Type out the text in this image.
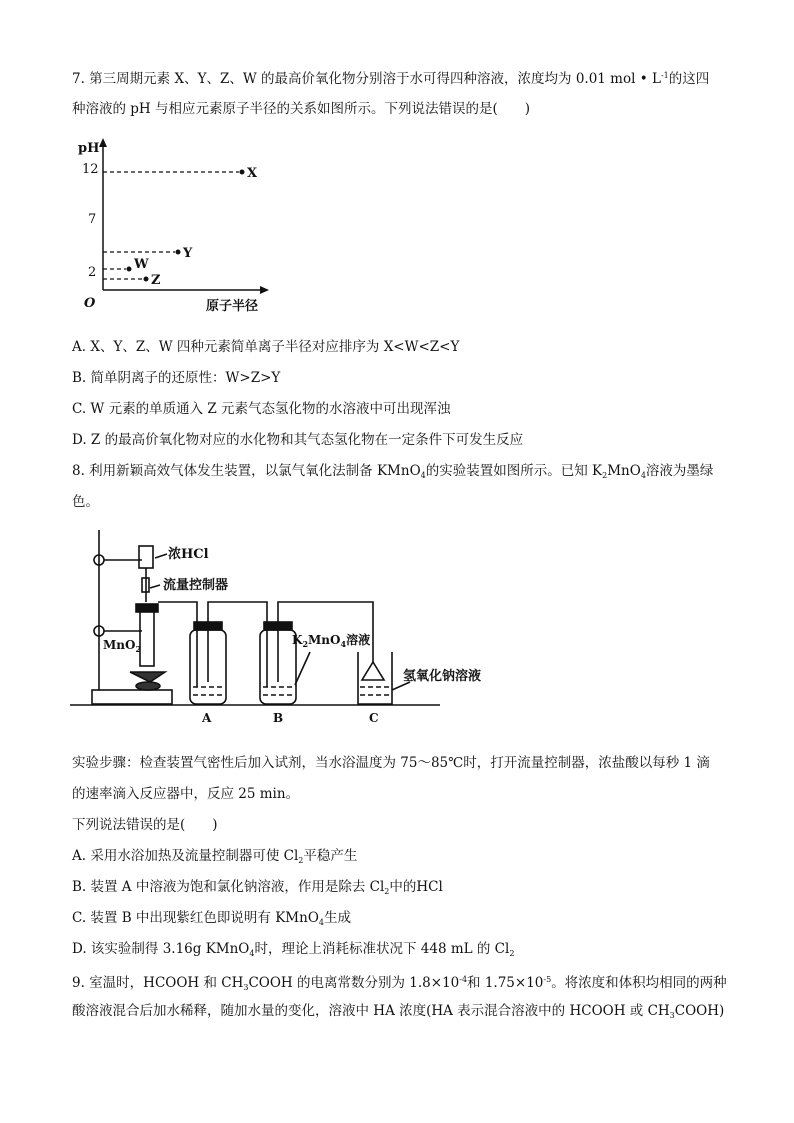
7. 第三周期元素 X、Y、Z、W 的最高价氧化物分别溶于水可得四种溶液，浓度均为 0.01 mol • $L^{-1}$的这四
种溶液的 pH 与相应元素原子半径的关系如图所示。下列说法错误的是(　　)
A. X、Y、Z、W 四种元素简单离子半径对应排序为 X<W<Z<Y
B. 简单阴离子的还原性：W>Z>Y
C. W 元素的单质通入 Z 元素气态氢化物的水溶液中可出现浑浊
D. Z 的最高价氧化物对应的水化物和其气态氢化物在一定条件下可发生反应
8. 利用新颖高效气体发生装置，以氯气氧化法制备 KMnO$_4$的实验装置如图所示。已知 $K_2MnO_4$溶液为墨绿
色。
实验步骤：检查装置气密性后加入试剂，当水浴温度为 75～85℃时，打开流量控制器，浓盐酸以每秒 1 滴
的速率滴入反应器中，反应 25 min。
下列说法错误的是(　　)
A. 采用水浴加热及流量控制器可使 $Cl_2$平稳产生
B. 装置 A 中溶液为饱和氯化钠溶液，作用是除去 $Cl_2$中的HCl
C. 装置 B 中出现紫红色即说明有 KMnO$_4$生成
D. 该实验制得 3.16g KMnO$_4$时，理论上消耗标准状况下 448 mL 的 $Cl_2$
9. 室温时，HCOOH 和 $CH_3COOH$ 的电离常数分别为 $1.8\times 10^{-4}$和 $1.75\times 10^{-5}$。将浓度和体积均相同的两种
酸溶液混合后加水稀释，随加水量的变化，溶液中 HA 浓度(HA 表示混合溶液中的 HCOOH 或 $CH_3COOH$)
pH
O	原子半径
12
7
2
X
Y
W
Z
浓HCl
流量控制器
MnO$_2$
$K_2MnO_4$溶液
氢氧化钠溶液
A	B	C
